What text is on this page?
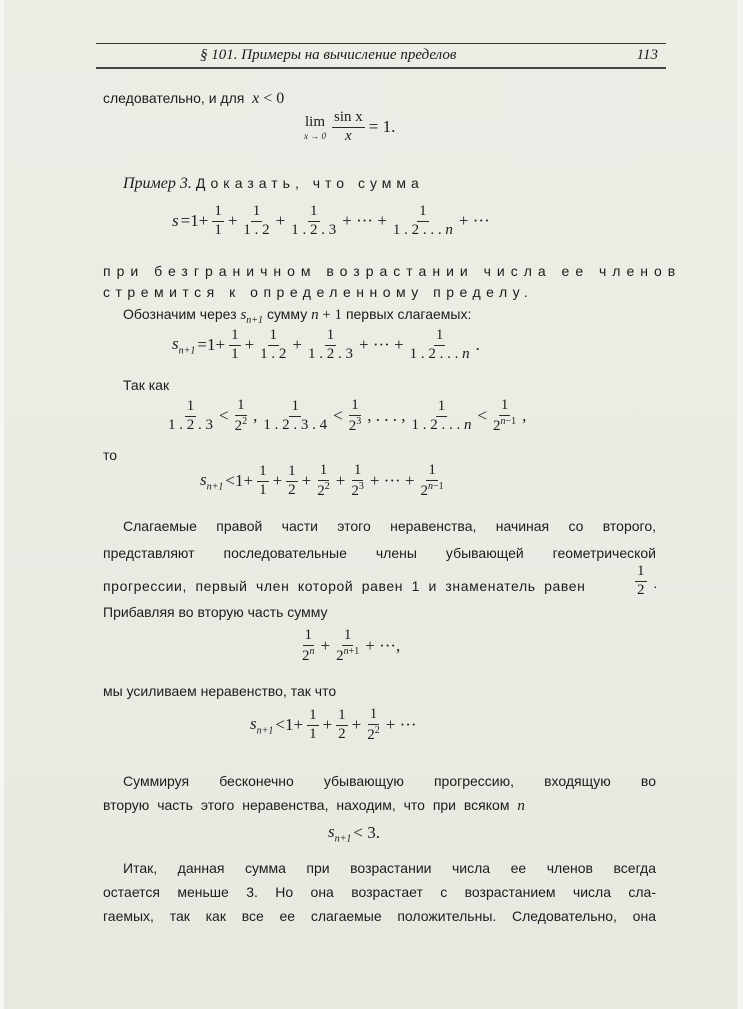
§ 101. Примеры на вычисление пределов	113
следовательно, и для x < 0
lim
$x \to 0 \frac{\text{sin x}}{x} = 1$.
Пример 3. Доказать, что сумма
$s =1+ \frac{1}{1} + \frac{1}{1 . 2} + \frac{1}{1 . 2 . 3}$ + ··· + $\frac{1}{1 . 2 . . . n}$ + ···
при безграничном возрастании числа ее членов
стремится к определенному пределу.
Обозначим через $s_{n+1}$ сумму n + 1 первых слагаемых:
$s_{n+1} =1+ \frac{1}{1} + \frac{1}{1 . 2} + \frac{1}{1 . 2 . 3}$ + ··· + $\frac{1}{1 . 2 . . . n}$ .
Так как
$\frac{1}{1 . 2 . 3} < \frac{1}{2^2}$ , $\frac{1}{1 . 2 . 3 . 4} < \frac{1}{2^3}$ , . . . , $\frac{1}{1 . 2 . . . n} < \frac{1}{2^{n-1}}$ ,
то
$s_{n+1} <1+ \frac{1}{1} + \frac{1}{2} + \frac{1}{2^2} + \frac{1}{2^3}$ + ··· + $\frac{1}{2^{n-1}}$
Слагаемые правой части этого неравенства, начиная со второго,
представляют последовательные члены убывающей геометрической
прогрессии, первый член которой равен 1 и знаменатель равен	$\frac{1}{2}$ ·
Прибавляя во вторую часть сумму
$\frac{1}{2^n} + \frac{1}{2^{n+1}}$ + ···,
мы усиливаем неравенство, так что
$s_{n+1} <1+ \frac{1}{1} + \frac{1}{2} + \frac{1}{2^2}$ + ···
Суммируя бесконечно убывающую прогрессию, входящую во
вторую часть этого неравенства, находим, что при всяком n
$s_{n+1} < 3$.
Итак, данная сумма при возрастании числа ее членов всегда
остается меньше 3. Но она возрастает с возрастанием числа сла-
гаемых, так как все ее слагаемые положительны. Следовательно, она
